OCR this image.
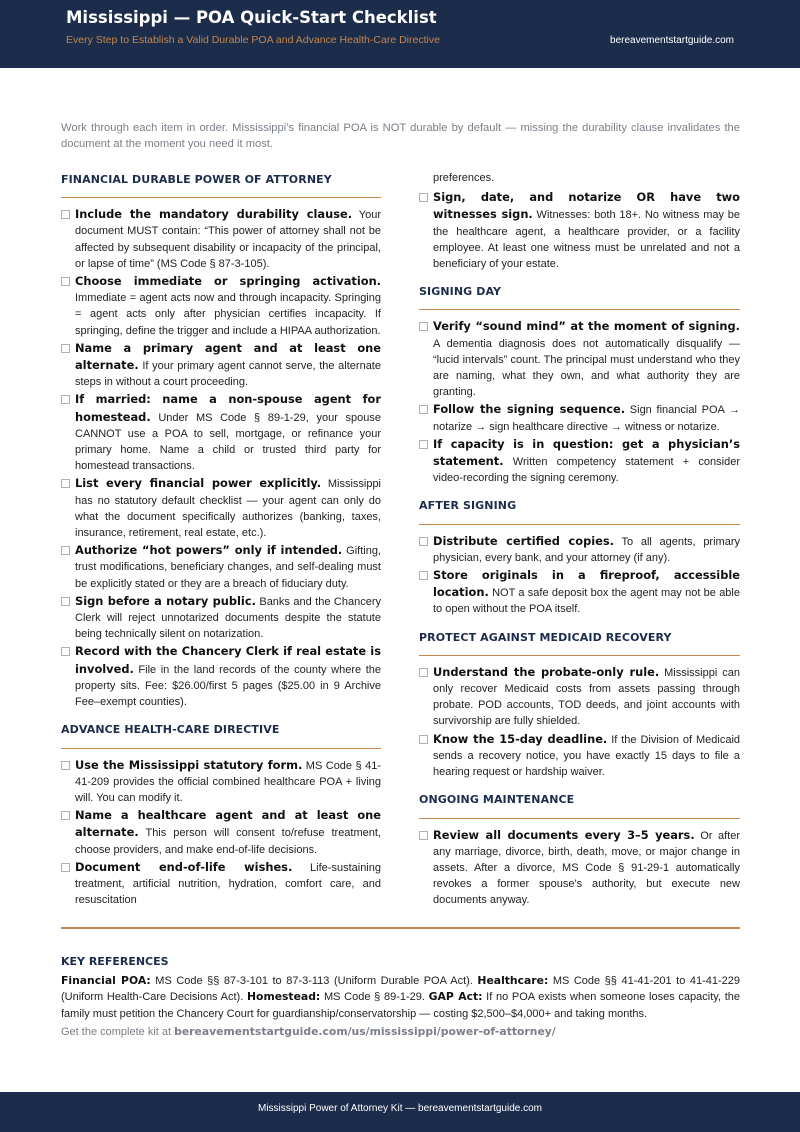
Mississippi — POA Quick-Start Checklist
Every Step to Establish a Valid Durable POA and Advance Health-Care Directive	bereavementstartguide.com
Work through each item in order. Mississippi’s financial POA is NOT durable by default — missing the durability clause invalidates the document at the moment you need it most.
FINANCIAL DURABLE POWER OF ATTORNEY
Include the mandatory durability clause. Your document MUST contain: “This power of attorney shall not be affected by subsequent disability or incapacity of the principal, or lapse of time” (MS Code § 87-3-105).
Choose immediate or springing activation. Immediate = agent acts now and through incapacity. Springing = agent acts only after physician certifies incapacity. If springing, define the trigger and include a HIPAA authorization.
Name a primary agent and at least one alternate. If your primary agent cannot serve, the alternate steps in without a court proceeding.
If married: name a non-spouse agent for homestead. Under MS Code § 89-1-29, your spouse CANNOT use a POA to sell, mortgage, or refinance your primary home. Name a child or trusted third party for homestead transactions.
List every financial power explicitly. Mississippi has no statutory default checklist — your agent can only do what the document specifically authorizes (banking, taxes, insurance, retirement, real estate, etc.).
Authorize “hot powers” only if intended. Gifting, trust modifications, beneficiary changes, and self-dealing must be explicitly stated or they are a breach of fiduciary duty.
Sign before a notary public. Banks and the Chancery Clerk will reject unnotarized documents despite the statute being technically silent on notarization.
Record with the Chancery Clerk if real estate is involved. File in the land records of the county where the property sits. Fee: $26.00/first 5 pages ($25.00 in 9 Archive Fee–exempt counties).
ADVANCE HEALTH-CARE DIRECTIVE
Use the Mississippi statutory form. MS Code § 41-41-209 provides the official combined healthcare POA + living will. You can modify it.
Name a healthcare agent and at least one alternate. This person will consent to/refuse treatment, choose providers, and make end-of-life decisions.
Document end-of-life wishes. Life-sustaining treatment, artificial nutrition, hydration, comfort care, and resuscitation
preferences.
Sign, date, and notarize OR have two witnesses sign. Witnesses: both 18+. No witness may be the healthcare agent, a healthcare provider, or a facility employee. At least one witness must be unrelated and not a beneficiary of your estate.
SIGNING DAY
Verify “sound mind” at the moment of signing. A dementia diagnosis does not automatically disqualify — “lucid intervals” count. The principal must understand who they are naming, what they own, and what authority they are granting.
Follow the signing sequence. Sign financial POA → notarize → sign healthcare directive → witness or notarize.
If capacity is in question: get a physician’s statement. Written competency statement + consider video-recording the signing ceremony.
AFTER SIGNING
Distribute certified copies. To all agents, primary physician, every bank, and your attorney (if any).
Store originals in a fireproof, accessible location. NOT a safe deposit box the agent may not be able to open without the POA itself.
PROTECT AGAINST MEDICAID RECOVERY
Understand the probate-only rule. Mississippi can only recover Medicaid costs from assets passing through probate. POD accounts, TOD deeds, and joint accounts with survivorship are fully shielded.
Know the 15-day deadline. If the Division of Medicaid sends a recovery notice, you have exactly 15 days to file a hearing request or hardship waiver.
ONGOING MAINTENANCE
Review all documents every 3–5 years. Or after any marriage, divorce, birth, death, move, or major change in assets. After a divorce, MS Code § 91-29-1 automatically revokes a former spouse’s authority, but execute new documents anyway.
KEY REFERENCES
Financial POA: MS Code §§ 87-3-101 to 87-3-113 (Uniform Durable POA Act). Healthcare: MS Code §§ 41-41-201 to 41-41-229 (Uniform Health-Care Decisions Act). Homestead: MS Code § 89-1-29. GAP Act: If no POA exists when someone loses capacity, the family must petition the Chancery Court for guardianship/conservatorship — costing $2,500–$4,000+ and taking months.
Get the complete kit at bereavementstartguide.com/us/mississippi/power-of-attorney/
Mississippi Power of Attorney Kit — bereavementstartguide.com
